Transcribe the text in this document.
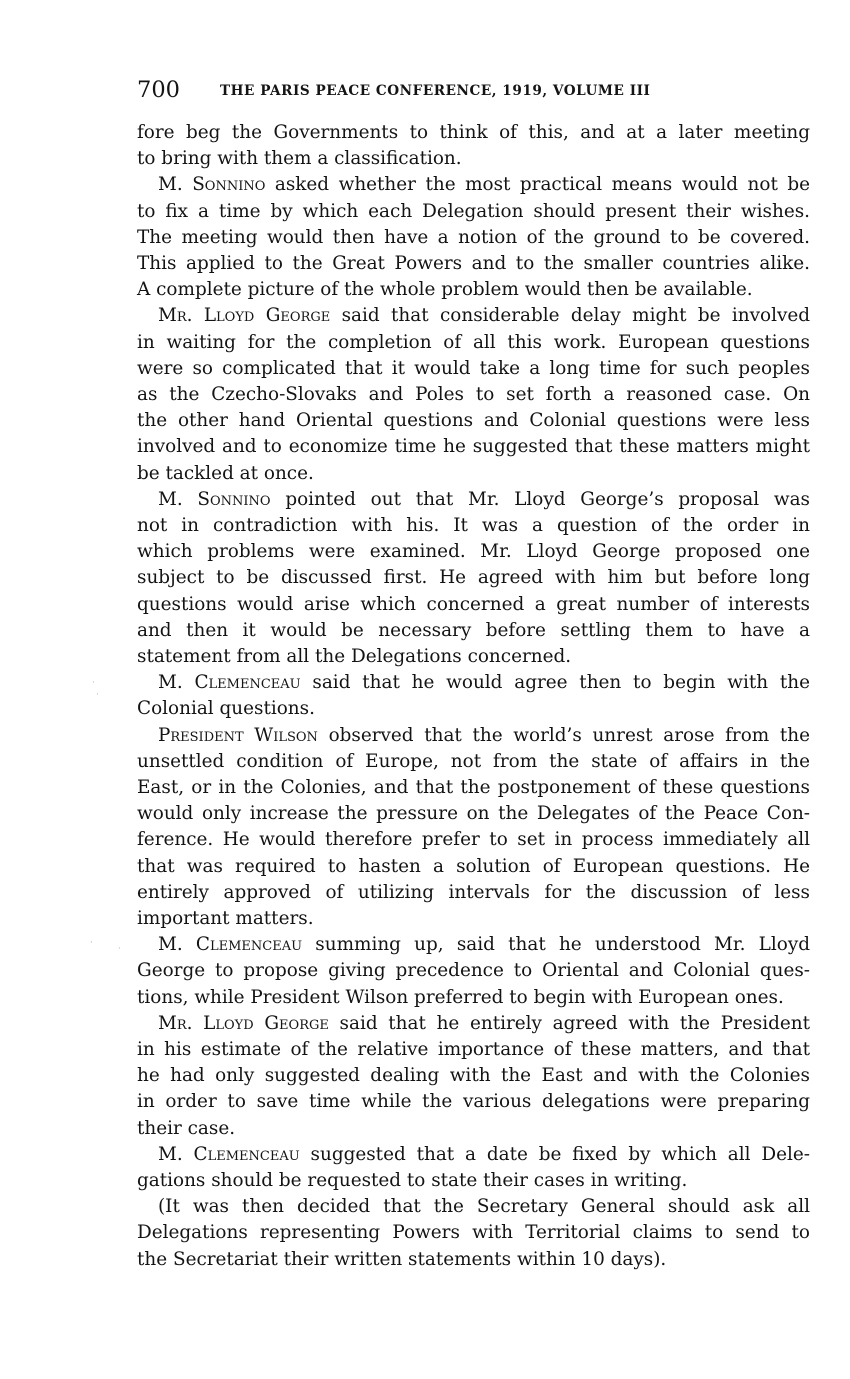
700	THE PARIS PEACE CONFERENCE, 1919, VOLUME III
fore beg the Governments to think of this, and at a later meeting
to bring with them a classification.
M. Sonnino asked whether the most practical means would not be
to fix a time by which each Delegation should present their wishes.
The meeting would then have a notion of the ground to be covered.
This applied to the Great Powers and to the smaller countries alike.
A complete picture of the whole problem would then be available.
Mr. Lloyd George said that considerable delay might be involved
in waiting for the completion of all this work. European questions
were so complicated that it would take a long time for such peoples
as the Czecho-Slovaks and Poles to set forth a reasoned case. On
the other hand Oriental questions and Colonial questions were less
involved and to economize time he suggested that these matters might
be tackled at once.
M. Sonnino pointed out that Mr. Lloyd George’s proposal was
not in contradiction with his. It was a question of the order in
which problems were examined. Mr. Lloyd George proposed one
subject to be discussed first. He agreed with him but before long
questions would arise which concerned a great number of interests
and then it would be necessary before settling them to have a
statement from all the Delegations concerned.
M. Clemenceau said that he would agree then to begin with the
Colonial questions.
President Wilson observed that the world’s unrest arose from the
unsettled condition of Europe, not from the state of affairs in the
East, or in the Colonies, and that the postponement of these questions
would only increase the pressure on the Delegates of the Peace Con-
ference. He would therefore prefer to set in process immediately all
that was required to hasten a solution of European questions. He
entirely approved of utilizing intervals for the discussion of less
important matters.
M. Clemenceau summing up, said that he understood Mr. Lloyd
George to propose giving precedence to Oriental and Colonial ques-
tions, while President Wilson preferred to begin with European ones.
Mr. Lloyd George said that he entirely agreed with the President
in his estimate of the relative importance of these matters, and that
he had only suggested dealing with the East and with the Colonies
in order to save time while the various delegations were preparing
their case.
M. Clemenceau suggested that a date be fixed by which all Dele-
gations should be requested to state their cases in writing.
(It was then decided that the Secretary General should ask all
Delegations representing Powers with Territorial claims to send to
the Secretariat their written statements within 10 days).
·
·
·
·
